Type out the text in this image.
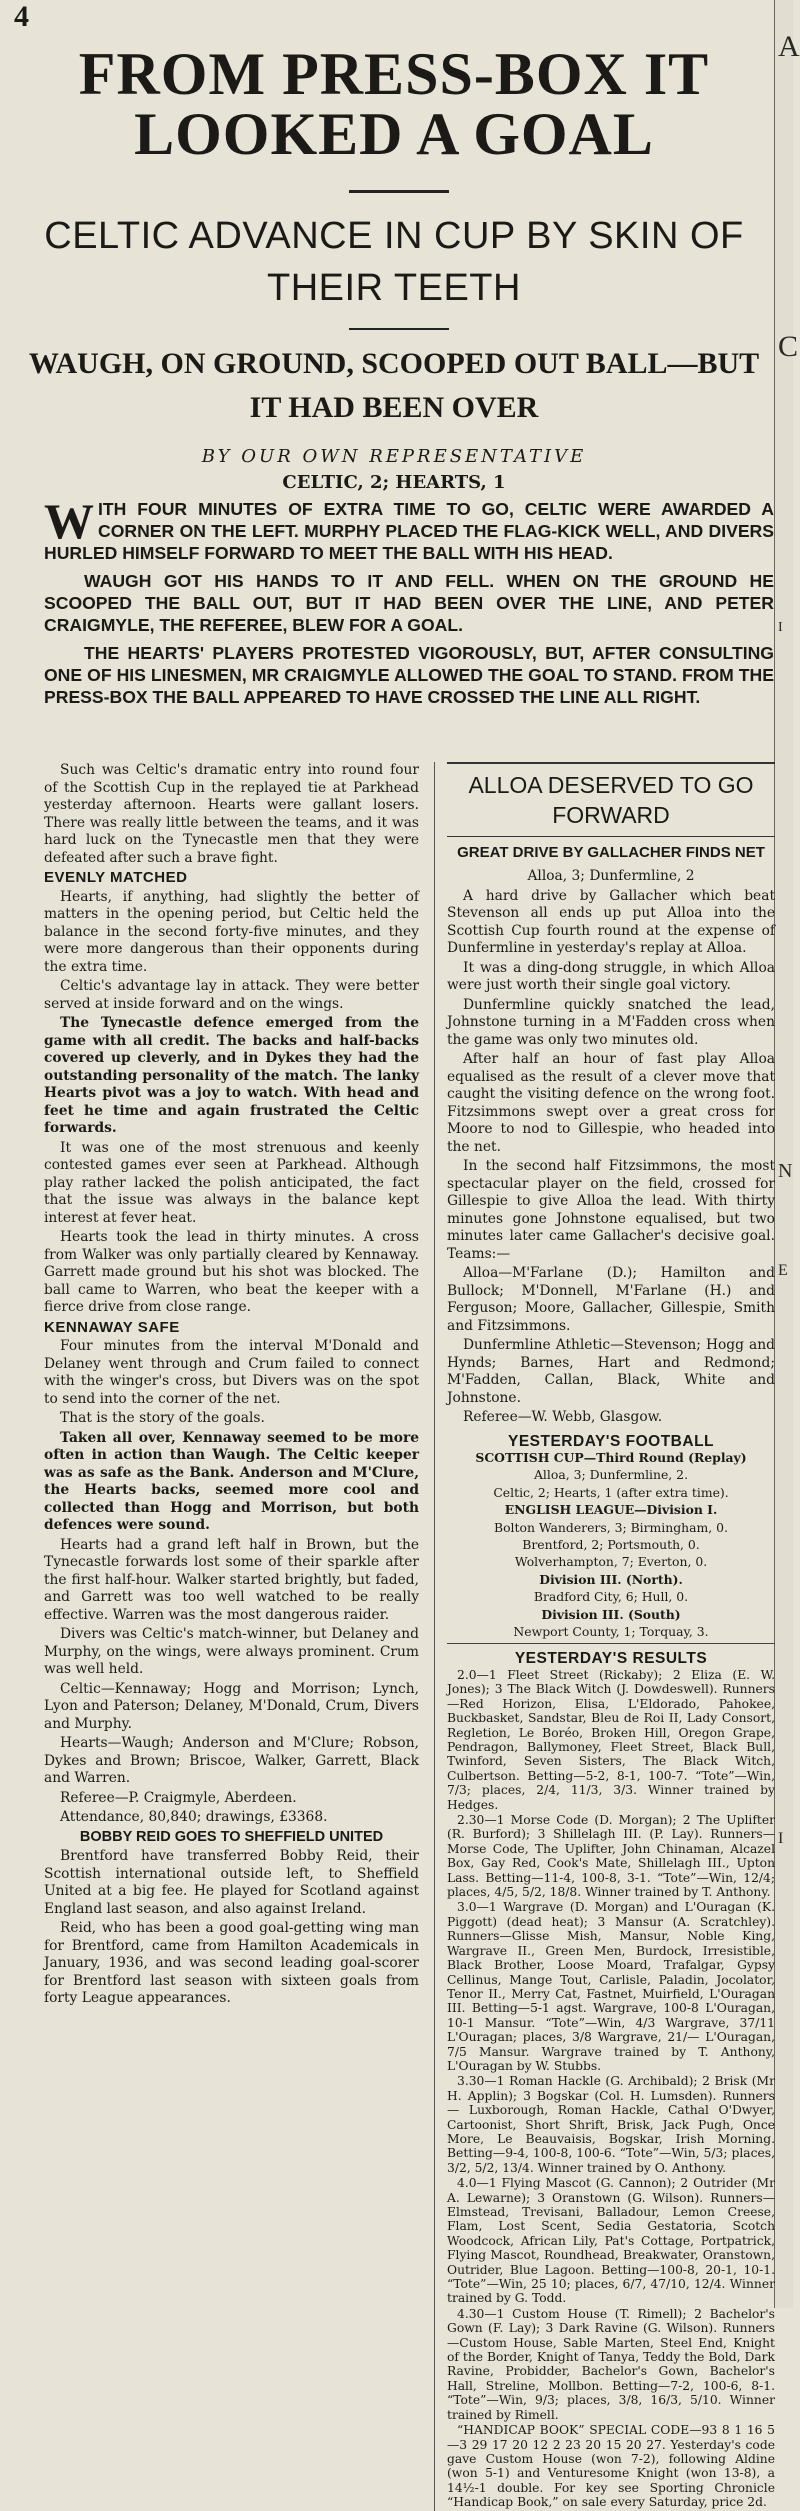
4
A
C
I
N
E
I
FROM PRESS-BOX IT LOOKED A GOAL
CELTIC ADVANCE IN CUP BY SKIN OF THEIR TEETH
WAUGH, ON GROUND, SCOOPED OUT BALL—BUT IT HAD BEEN OVER
BY OUR OWN REPRESENTATIVE
CELTIC, 2; HEARTS, 1

WITH FOUR MINUTES OF EXTRA TIME TO GO, CELTIC WERE AWARDED A CORNER ON THE LEFT. MURPHY PLACED THE FLAG-KICK WELL, AND DIVERS HURLED HIMSELF FORWARD TO MEET THE BALL WITH HIS HEAD.

WAUGH GOT HIS HANDS TO IT AND FELL. WHEN ON THE GROUND HE SCOOPED THE BALL OUT, BUT IT HAD BEEN OVER THE LINE, AND PETER CRAIGMYLE, THE REFEREE, BLEW FOR A GOAL.

THE HEARTS' PLAYERS PROTESTED VIGOROUSLY, BUT, AFTER CONSULTING ONE OF HIS LINESMEN, MR CRAIGMYLE ALLOWED THE GOAL TO STAND. FROM THE PRESS-BOX THE BALL APPEARED TO HAVE CROSSED THE LINE ALL RIGHT.

Such was Celtic's dramatic entry into round four of the Scottish Cup in the replayed tie at Parkhead yesterday afternoon. Hearts were gallant losers. There was really little between the teams, and it was hard luck on the Tynecastle men that they were defeated after such a brave fight.

EVENLY MATCHED

Hearts, if anything, had slightly the better of matters in the opening period, but Celtic held the balance in the second forty-five minutes, and they were more dangerous than their opponents during the extra time.

Celtic's advantage lay in attack. They were better served at inside forward and on the wings.

The Tynecastle defence emerged from the game with all credit. The backs and half-backs covered up cleverly, and in Dykes they had the outstanding personality of the match. The lanky Hearts pivot was a joy to watch. With head and feet he time and again frustrated the Celtic forwards.

It was one of the most strenuous and keenly contested games ever seen at Parkhead. Although play rather lacked the polish anticipated, the fact that the issue was always in the balance kept interest at fever heat.

Hearts took the lead in thirty minutes. A cross from Walker was only partially cleared by Kennaway. Garrett made ground but his shot was blocked. The ball came to Warren, who beat the keeper with a fierce drive from close range.

KENNAWAY SAFE

Four minutes from the interval M'Donald and Delaney went through and Crum failed to connect with the winger's cross, but Divers was on the spot to send into the corner of the net.

That is the story of the goals.

Taken all over, Kennaway seemed to be more often in action than Waugh. The Celtic keeper was as safe as the Bank. Anderson and M'Clure, the Hearts backs, seemed more cool and collected than Hogg and Morrison, but both defences were sound.

Hearts had a grand left half in Brown, but the Tynecastle forwards lost some of their sparkle after the first half-hour. Walker started brightly, but faded, and Garrett was too well watched to be really effective. Warren was the most dangerous raider.

Divers was Celtic's match-winner, but Delaney and Murphy, on the wings, were always prominent. Crum was well held.

Celtic—Kennaway; Hogg and Morrison; Lynch, Lyon and Paterson; Delaney, M'Donald, Crum, Divers and Murphy.

Hearts—Waugh; Anderson and M'Clure; Robson, Dykes and Brown; Briscoe, Walker, Garrett, Black and Warren.

Referee—P. Craigmyle, Aberdeen.

Attendance, 80,840; drawings, £3368.

BOBBY REID GOES TO SHEFFIELD UNITED

Brentford have transferred Bobby Reid, their Scottish international outside left, to Sheffield United at a big fee. He played for Scotland against England last season, and also against Ireland.

Reid, who has been a good goal-getting wing man for Brentford, came from Hamilton Academicals in January, 1936, and was second leading goal-scorer for Brentford last season with sixteen goals from forty League appearances.

ALLOA DESERVED TO GO FORWARD
GREAT DRIVE BY GALLACHER FINDS NET

Alloa, 3; Dunfermline, 2

A hard drive by Gallacher which beat Stevenson all ends up put Alloa into the Scottish Cup fourth round at the expense of Dunfermline in yesterday's replay at Alloa.

It was a ding-dong struggle, in which Alloa were just worth their single goal victory.

Dunfermline quickly snatched the lead, Johnstone turning in a M'Fadden cross when the game was only two minutes old.

After half an hour of fast play Alloa equalised as the result of a clever move that caught the visiting defence on the wrong foot. Fitzsimmons swept over a great cross for Moore to nod to Gillespie, who headed into the net.

In the second half Fitzsimmons, the most spectacular player on the field, crossed for Gillespie to give Alloa the lead. With thirty minutes gone Johnstone equalised, but two minutes later came Gallacher's decisive goal. Teams:—

Alloa—M'Farlane (D.); Hamilton and Bullock; M'Donnell, M'Farlane (H.) and Ferguson; Moore, Gallacher, Gillespie, Smith and Fitzsimmons.

Dunfermline Athletic—Stevenson; Hogg and Hynds; Barnes, Hart and Redmond; M'Fadden, Callan, Black, White and Johnstone.

Referee—W. Webb, Glasgow.

YESTERDAY'S FOOTBALL

SCOTTISH CUP—Third Round (Replay)

Alloa, 3; Dunfermline, 2.

Celtic, 2; Hearts, 1 (after extra time).

ENGLISH LEAGUE—Division I.

Bolton Wanderers, 3; Birmingham, 0.

Brentford, 2; Portsmouth, 0.

Wolverhampton, 7; Everton, 0.

Division III. (North).

Bradford City, 6; Hull, 0.

Division III. (South)

Newport County, 1; Torquay, 3.

YESTERDAY'S RESULTS

2.0—1 Fleet Street (Rickaby); 2 Eliza (E. W. Jones); 3 The Black Witch (J. Dowdeswell). Runners—Red Horizon, Elisa, L'Eldorado, Pahokee, Buckbasket, Sandstar, Bleu de Roi II, Lady Consort, Regletion, Le Boréo, Broken Hill, Oregon Grape, Pendragon, Ballymoney, Fleet Street, Black Bull, Twinford, Seven Sisters, The Black Witch, Culbertson. Betting—5-2, 8-1, 100-7. “Tote”—Win, 7/3; places, 2/4, 11/3, 3/3. Winner trained by Hedges.

2.30—1 Morse Code (D. Morgan); 2 The Uplifter (R. Burford); 3 Shillelagh III. (P. Lay). Runners—Morse Code, The Uplifter, John Chinaman, Alcazel Box, Gay Red, Cook's Mate, Shillelagh III., Upton Lass. Betting—11-4, 100-8, 3-1. “Tote”—Win, 12/4; places, 4/5, 5/2, 18/8. Winner trained by T. Anthony.

3.0—1 Wargrave (D. Morgan) and L'Ouragan (K. Piggott) (dead heat); 3 Mansur (A. Scratchley). Runners—Glisse Mish, Mansur, Noble King, Wargrave II., Green Men, Burdock, Irresistible, Black Brother, Loose Moard, Trafalgar, Gypsy Cellinus, Mange Tout, Carlisle, Paladin, Jocolator, Tenor II., Merry Cat, Fastnet, Muirfield, L'Ouragan III. Betting—5-1 agst. Wargrave, 100-8 L'Ouragan, 10-1 Mansur. “Tote”—Win, 4/3 Wargrave, 37/11 L'Ouragan; places, 3/8 Wargrave, 21/— L'Ouragan, 7/5 Mansur. Wargrave trained by T. Anthony, L'Ouragan by W. Stubbs.

3.30—1 Roman Hackle (G. Archibald); 2 Brisk (Mr H. Applin); 3 Bogskar (Col. H. Lumsden). Runners — Luxborough, Roman Hackle, Cathal O'Dwyer, Cartoonist, Short Shrift, Brisk, Jack Pugh, Once More, Le Beauvaisis, Bogskar, Irish Morning. Betting—9-4, 100-8, 100-6. “Tote”—Win, 5/3; places, 3/2, 5/2, 13/4. Winner trained by O. Anthony.

4.0—1 Flying Mascot (G. Cannon); 2 Outrider (Mr A. Lewarne); 3 Oranstown (G. Wilson). Runners—Elmstead, Trevisani, Balladour, Lemon Creese, Flam, Lost Scent, Sedia Gestatoria, Scotch Woodcock, African Lily, Pat's Cottage, Portpatrick, Flying Mascot, Roundhead, Breakwater, Oranstown, Outrider, Blue Lagoon. Betting—100-8, 20-1, 10-1. “Tote”—Win, 25 10; places, 6/7, 47/10, 12/4. Winner trained by G. Todd.

4.30—1 Custom House (T. Rimell); 2 Bachelor's Gown (F. Lay); 3 Dark Ravine (G. Wilson). Runners—Custom House, Sable Marten, Steel End, Knight of the Border, Knight of Tanya, Teddy the Bold, Dark Ravine, Probidder, Bachelor's Gown, Bachelor's Hall, Streline, Mollbon. Betting—7-2, 100-6, 8-1. “Tote”—Win, 9/3; places, 3/8, 16/3, 5/10. Winner trained by Rimell.

“HANDICAP BOOK” SPECIAL CODE—93 8 1 16 5—3 29 17 20 12 2 23 20 15 20 27. Yesterday's code gave Custom House (won 7-2), following Aldine (won 5-1) and Venturesome Knight (won 13-8), a 14½-1 double. For key see Sporting Chronicle “Handicap Book,” on sale every Saturday, price 2d.
